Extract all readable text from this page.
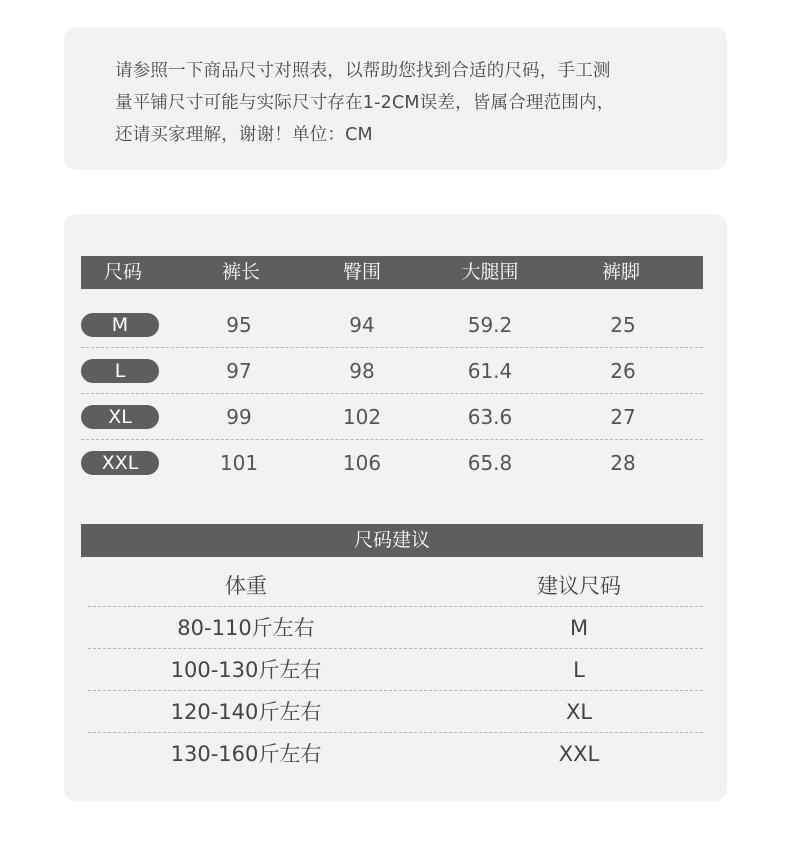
请参照一下商品尺寸对照表，以帮助您找到合适的尺码，手工测
量平铺尺寸可能与实际尺寸存在1-2CM误差，皆属合理范围内，
还请买家理解，谢谢！单位：CM
尺码	裤长	臀围	大腿围	裤脚
M	95	94	59.2	25
L	97	98	61.4	26
XL	99	102	63.6	27
XXL	101	106	65.8	28
尺码建议
体重	建议尺码
80-110斤左右	M
100-130斤左右	L
120-140斤左右	XL
130-160斤左右	XXL
